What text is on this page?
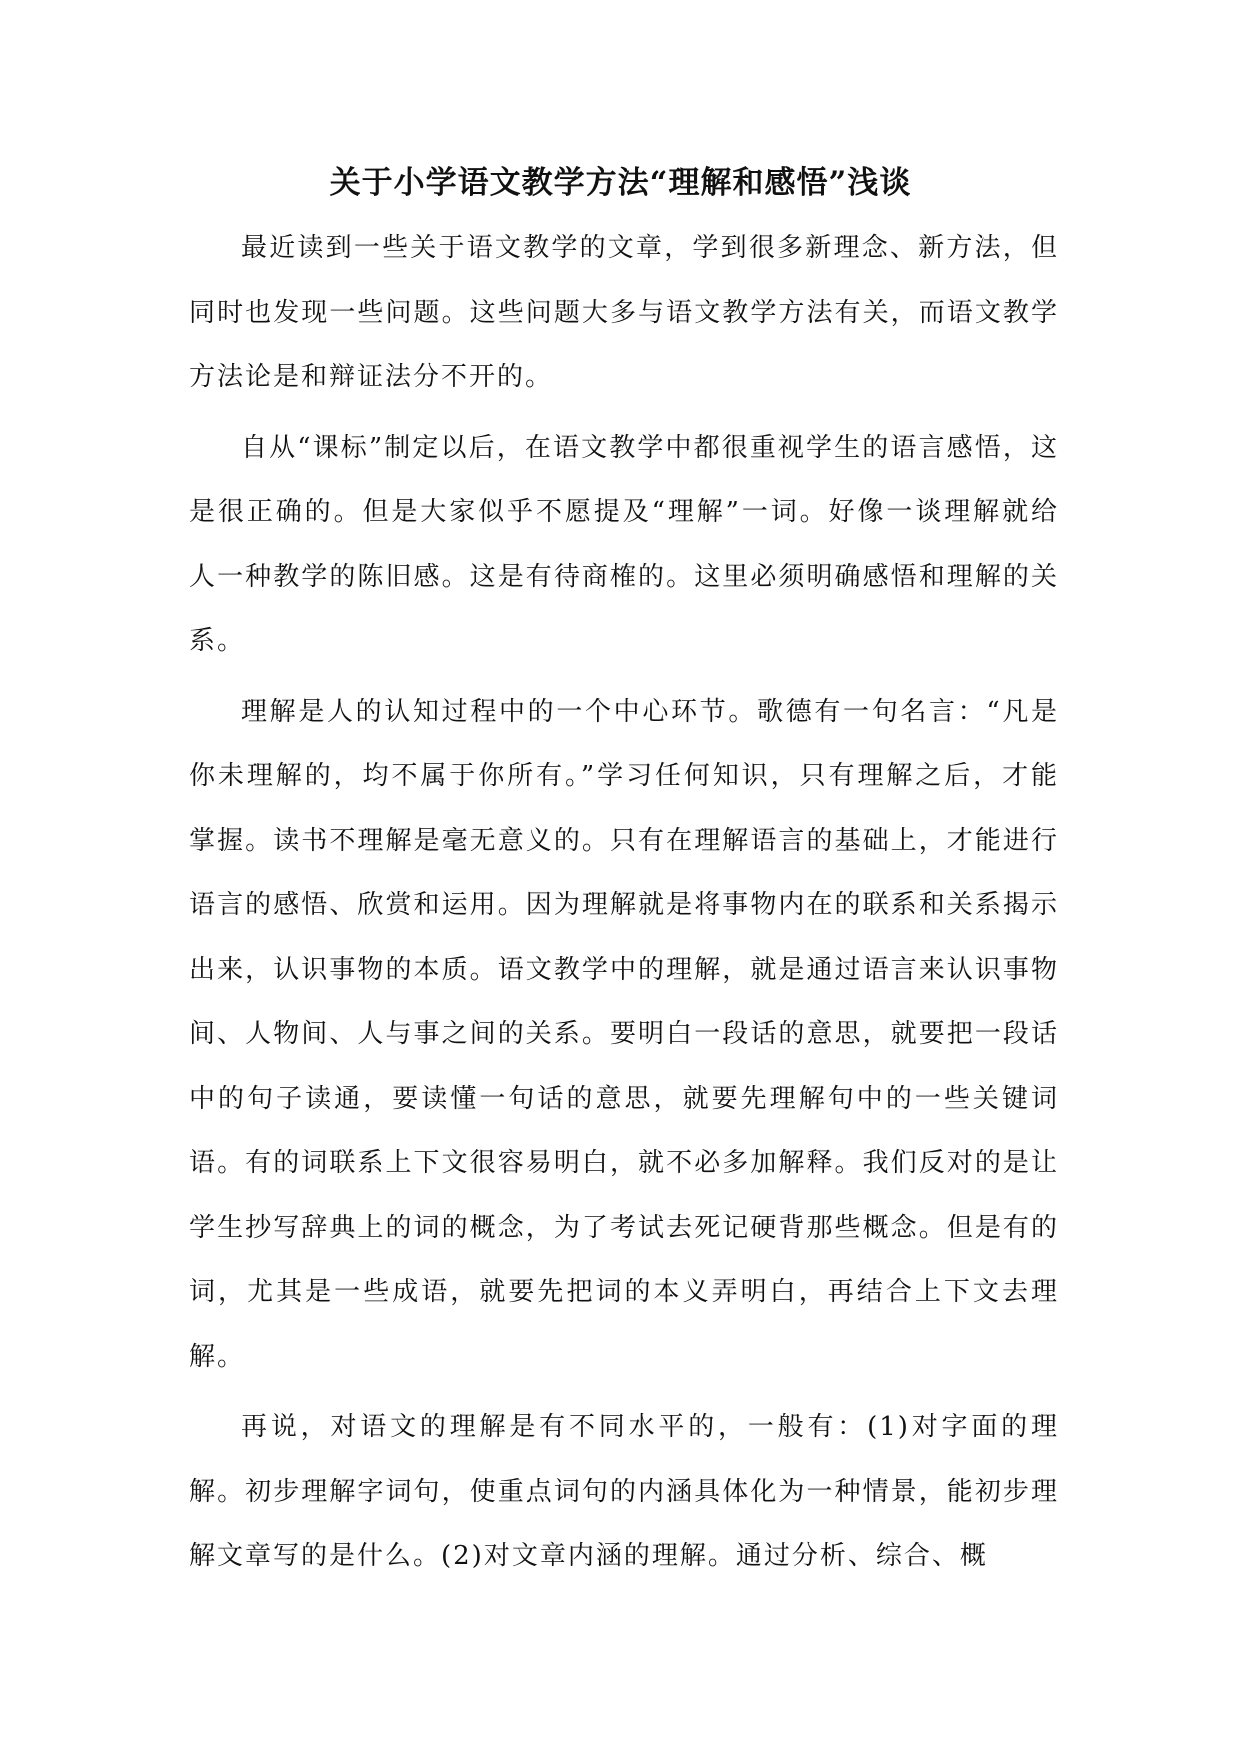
关于小学语文教学方法“理解和感悟”浅谈

最近读到一些关于语文教学的文章，学到很多新理念、新方法，但同时也发现一些问题。这些问题大多与语文教学方法有关，而语文教学方法论是和辩证法分不开的。

自从“课标”制定以后，在语文教学中都很重视学生的语言感悟，这是很正确的。但是大家似乎不愿提及“理解”一词。好像一谈理解就给人一种教学的陈旧感。这是有待商榷的。这里必须明确感悟和理解的关系。

理解是人的认知过程中的一个中心环节。歌德有一句名言：“凡是你未理解的，均不属于你所有。”学习任何知识，只有理解之后，才能掌握。读书不理解是毫无意义的。只有在理解语言的基础上，才能进行语言的感悟、欣赏和运用。因为理解就是将事物内在的联系和关系揭示出来，认识事物的本质。语文教学中的理解，就是通过语言来认识事物间、人物间、人与事之间的关系。要明白一段话的意思，就要把一段话中的句子读通，要读懂一句话的意思，就要先理解句中的一些关键词语。有的词联系上下文很容易明白，就不必多加解释。我们反对的是让学生抄写辞典上的词的概念，为了考试去死记硬背那些概念。但是有的词，尤其是一些成语，就要先把词的本义弄明白，再结合上下文去理解。

再说，对语文的理解是有不同水平的，一般有：(1)对字面的理解。初步理解字词句，使重点词句的内涵具体化为一种情景，能初步理解文章写的是什么。(2)对文章内涵的理解。通过分析、综合、概
